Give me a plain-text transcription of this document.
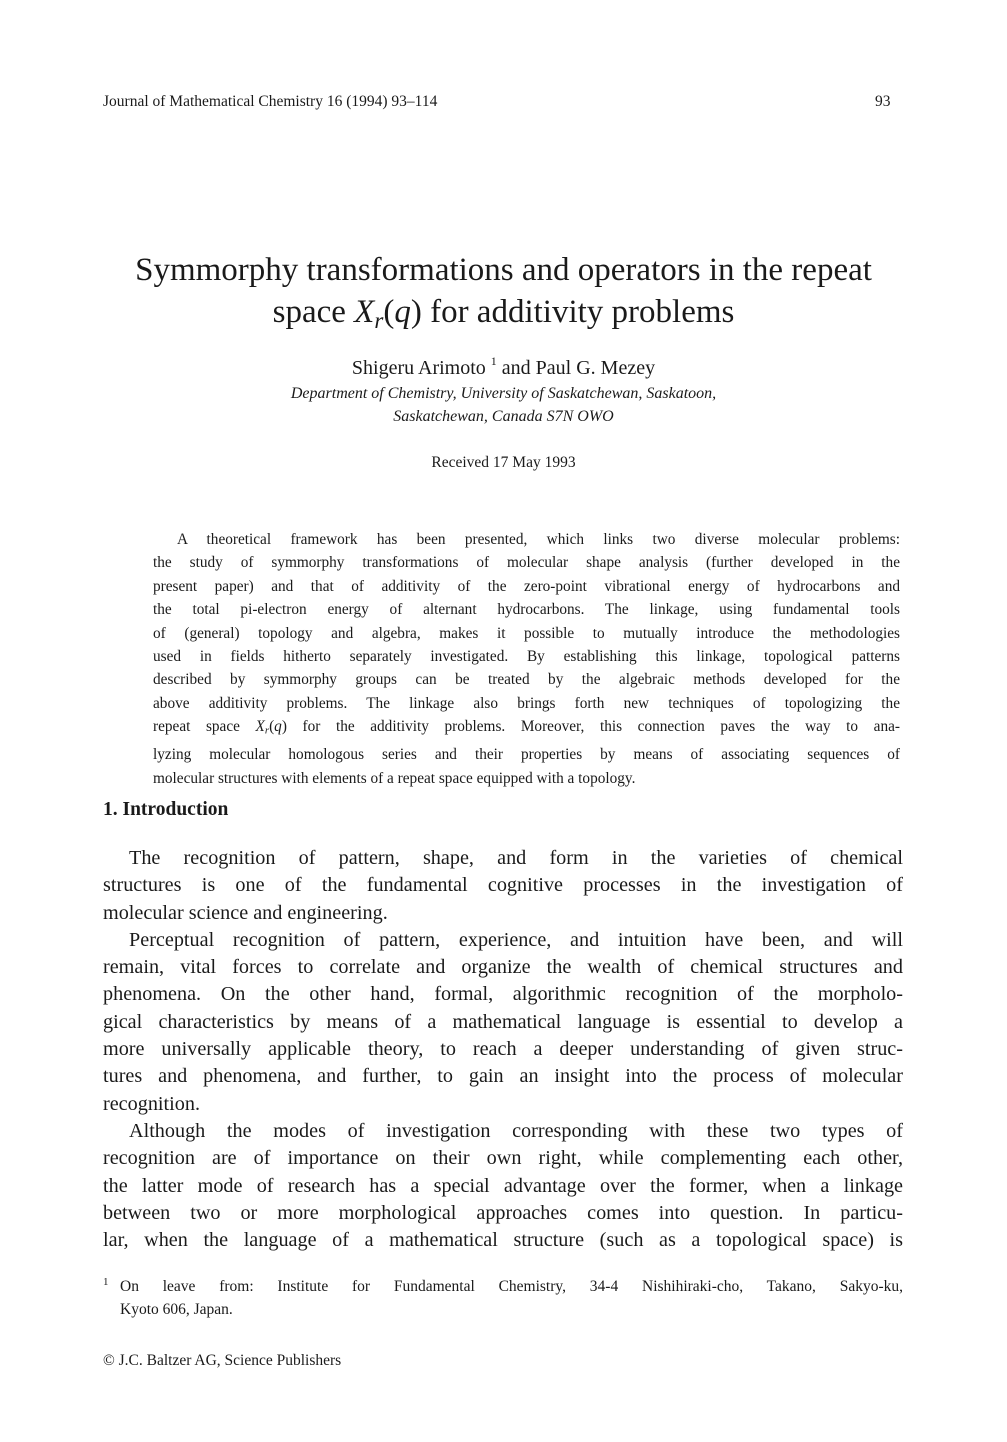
Journal of Mathematical Chemistry 16 (1994) 93–114	93
Symmorphy transformations and operators in the repeat
space $X_r(q)$ for additivity problems
Shigeru Arimoto $^1$ and Paul G. Mezey
Department of Chemistry, University of Saskatchewan, Saskatoon,
Saskatchewan, Canada S7N OWO
Received 17 May 1993
A theoretical framework has been presented, which links two diverse molecular problems:
the study of symmorphy transformations of molecular shape analysis (further developed in the
present paper) and that of additivity of the zero-point vibrational energy of hydrocarbons and
the total pi-electron energy of alternant hydrocarbons. The linkage, using fundamental tools
of (general) topology and algebra, makes it possible to mutually introduce the methodologies
used in fields hitherto separately investigated. By establishing this linkage, topological patterns
described by symmorphy groups can be treated by the algebraic methods developed for the
above additivity problems. The linkage also brings forth new techniques of topologizing the
repeat space $X_r(q)$ for the additivity problems. Moreover, this connection paves the way to ana-
lyzing molecular homologous series and their properties by means of associating sequences of
molecular structures with elements of a repeat space equipped with a topology.
1. Introduction
The recognition of pattern, shape, and form in the varieties of chemical
structures is one of the fundamental cognitive processes in the investigation of
molecular science and engineering.
Perceptual recognition of pattern, experience, and intuition have been, and will
remain, vital forces to correlate and organize the wealth of chemical structures and
phenomena. On the other hand, formal, algorithmic recognition of the morpholo-
gical characteristics by means of a mathematical language is essential to develop a
more universally applicable theory, to reach a deeper understanding of given struc-
tures and phenomena, and further, to gain an insight into the process of molecular
recognition.
Although the modes of investigation corresponding with these two types of
recognition are of importance on their own right, while complementing each other,
the latter mode of research has a special advantage over the former, when a linkage
between two or more morphological approaches comes into question. In particu-
lar, when the language of a mathematical structure (such as a topological space) is
1 On leave from: Institute for Fundamental Chemistry, 34-4 Nishihiraki-cho, Takano, Sakyo-ku,
Kyoto 606, Japan.
© J.C. Baltzer AG, Science Publishers
